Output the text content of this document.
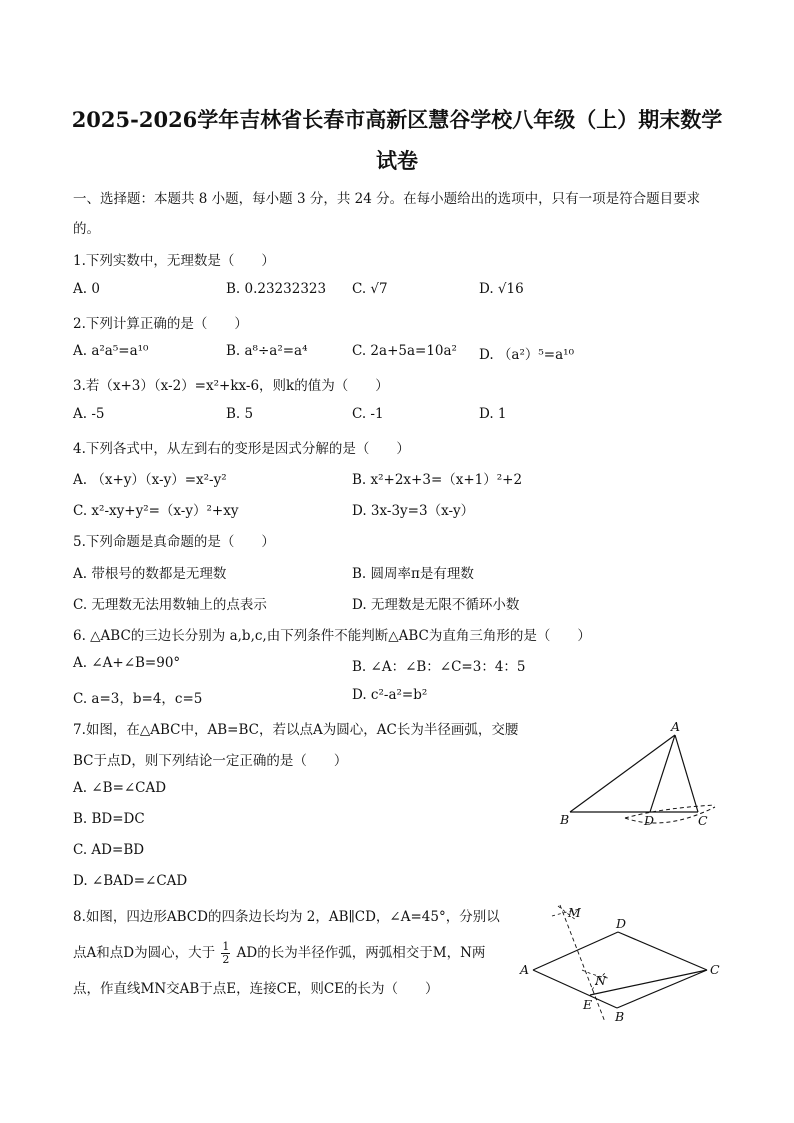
2025-2026学年吉林省长春市高新区慧谷学校八年级（上）期末数学
试卷
一、选择题：本题共 8 小题，每小题 3 分，共 24 分。在每小题给出的选项中，只有一项是符合题目要求
的。
1.下列实数中，无理数是（　　）
A. 0	B. 0.23232323 C. √7	D. √16
2.下列计算正确的是（　　）
A. a²a⁵=a¹⁰	B. a⁸÷a²=a⁴	C. 2a+5a=10a² D. （a²）⁵=a¹⁰
3.若（x+3）（x-2）=x²+kx-6，则k的值为（　　）
A. -5	B. 5	C. -1	D. 1
4.下列各式中，从左到右的变形是因式分解的是（　　）
A. （x+y）（x-y）=x²-y²	B. x²+2x+3=（x+1）²+2
C. x²-xy+y²=（x-y）²+xy	D. 3x-3y=3（x-y）
5.下列命题是真命题的是（　　）
A. 带根号的数都是无理数	B. 圆周率π是有理数
C. 无理数无法用数轴上的点表示	D. 无理数是无限不循环小数
6. △ABC的三边长分别为 a,b,c,由下列条件不能判断△ABC为直角三角形的是（　　）
A. ∠A+∠B=90°	B. ∠A：∠B：∠C=3：4：5
C. a=3，b=4，c=5	D. c²-a²=b²
7.如图，在△ABC中，AB=BC，若以点A为圆心，AC长为半径画弧，交腰
BC于点D，则下列结论一定正确的是（　　）
A. ∠B=∠CAD
B. BD=DC
C. AD=BD
D. ∠BAD=∠CAD
A
B	D	C
8.如图，四边形ABCD的四条边长均为 2，AB∥CD，∠A=45°，分别以
点A和点D为圆心，大于 $\frac{1}{2}$ AD的长为半径作弧，两弧相交于M，N两
点，作直线MN交AB于点E，连接CE，则CE的长为（　　）
M
D
A
N
C
E
B
